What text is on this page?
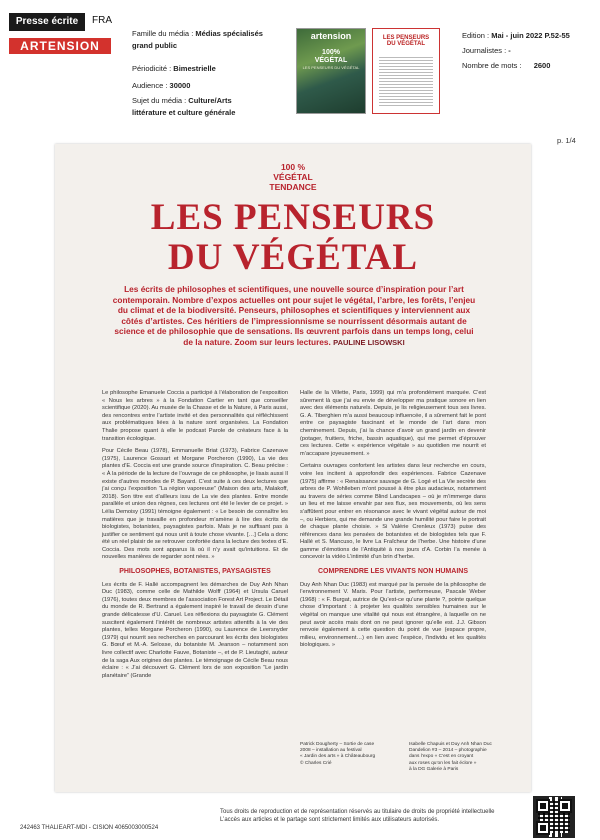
Presse écrite	FRA
ARTENSION
Famille du média : Médias spécialisés
grand public
Périodicité : Bimestrielle
Audience : 30000
Sujet du média : Culture/Arts
littérature et culture générale
artension
100%
VÉGÉTAL
LES PENSEURS DU VÉGÉTAL
LES PENSEURS
DU VÉGÉTAL
Edition : Mai - juin 2022 P.52-55
Journalistes : -
Nombre de mots : 2600
p. 1/4
100 %
VÉGÉTAL
TENDANCE
LES PENSEURS
DU VÉGÉTAL
Les écrits de philosophes et scientifiques, une nouvelle source d’inspiration pour l’art contemporain. Nombre d’expos actuelles ont pour sujet le végétal, l’arbre, les forêts, l’enjeu du climat et de la biodiversité. Penseurs, philosophes et scientifiques y interviennent aux côtés d’artistes. Ces héritiers de l’impressionnisme se nourrissent désormais autant de science et de philosophie que de sensations. Ils œuvrent parfois dans un temps long, celui de la nature. Zoom sur leurs lectures. PAULINE LISOWSKI

Le philosophe Emanuele Coccia a participé à l’élaboration de l’exposition « Nous les arbres » à la Fondation Cartier en tant que conseiller scientifique (2020). Au musée de la Chasse et de la Nature, à Paris aussi, des rencontres entre l’artiste invité et des personnalités qui réfléchissent aux problématiques liées à la nature sont organisées. La Fondation Thalie propose quant à elle le podcast Parole de créateurs face à la transition écologique.

Pour Cécile Beau (1978), Emmanuelle Briat (1973), Fabrice Cazenave (1975), Laurence Gossart et Morgane Porcheron (1990), La vie des plantes d’E. Coccia est une grande source d’inspiration. C. Beau précise : « À la période de la lecture de l’ouvrage de ce philosophe, je lisais aussi Il existe d’autres mondes de P. Bayard. C’est suite à ces deux lectures que j’ai conçu l’exposition “La région vaporeuse” (Maison des arts, Malakoff, 2018). Son titre est d’ailleurs issu de La vie des plantes. Entre monde parallèle et union des règnes, ces lectures ont été le levier de ce projet. » Lélia Demoisy (1991) témoigne également : « Le besoin de connaître les matières que je travaille en profondeur m’amène à lire des écrits de biologistes, botanistes, paysagistes parfois. Mais je ne suffisant pas à justifier ce sentiment qui nous unit à toute chose vivante. […] Cela a donc été un réel plaisir de se retrouver confortée dans la lecture des textes d’E. Coccia. Des mots sont apparus là où il n’y avait qu’intuitions. Et de nouvelles manières de regarder sont nées. »

PHILOSOPHES, BOTANISTES, PAYSAGISTES

Les écrits de F. Hallé accompagnent les démarches de Duy Anh Nhan Duc (1983), comme celle de Mathilde Wolff (1964) et Ursula Caruel (1976), toutes deux membres de l’association Forest Art Project. Le Détail du monde de R. Bertrand a également inspiré le travail de dessin d’une grande délicatesse d’U. Caruel. Les réflexions du paysagiste G. Clément suscitent également l’intérêt de nombreux artistes attentifs à la vie des plantes, telles Morgane Porcheron (1990), ou Laurence de Leersnyder (1979) qui nourrit ses recherches en parcourant les écrits des biologistes G. Bœuf et M.-A. Selosse, du botaniste M. Jeanson – notamment son livre collectif avec Charlotte Fauve, Botaniste –, et de P. Lieutaghi, auteur de la saga Aux origines des plantes. Le témoignage de Cécile Beau nous éclaire : « J’ai découvert G. Clément lors de son exposition “Le jardin planétaire” (Grande

Halle de la Villette, Paris, 1999) qui m’a profondément marquée. C’est sûrement là que j’ai eu envie de développer ma pratique sonore en lien avec des éléments naturels. Depuis, je lis religieusement tous ses livres. G. A. Tiberghien m’a aussi beaucoup influencée, il a sûrement fait le pont entre ce paysagiste fascinant et le monde de l’art dans mon cheminement. Depuis, j’ai la chance d’avoir un grand jardin en devenir (potager, fruitiers, friche, bassin aquatique), qui me permet d’éprouver ces lectures. Cette « expérience végétale » au quotidien me nourrit et m’accapare joyeusement. »

Certains ouvrages confortent les artistes dans leur recherche en cours, voire les incitent à approfondir des expériences. Fabrice Cazenave (1975) affirme : « Renaissance sauvage de G. Logé et La Vie secrète des arbres de P. Wohlleben m’ont poussé à être plus audacieux, notamment au travers de séries comme Blind Landscapes – où je m’immerge dans un lieu et me laisse envahir par ses flux, ses mouvements, où les sens s’affûtent pour entrer en résonance avec le vivant végétal autour de moi –, ou Herbiers, qui me demande une grande humilité pour faire le portrait de chaque plante choisie. » Si Valérie Crenleux (1973) puise des références dans les pensées de botanistes et de biologistes tels que F. Hallé et S. Mancuso, le livre La Fraîcheur de l’herbe. Une histoire d’une gamme d’émotions de l’Antiquité à nos jours d’A. Corbin l’a menée à concevoir la vidéo L’intimité d’un brin d’herbe.

COMPRENDRE LES VIVANTS NON HUMAINS

Duy Anh Nhan Duc (1983) est marqué par la pensée de la philosophe de l’environnement V. Maris. Pour l’artiste, performeuse, Pascale Weber (1968) : « F. Burgat, autrice de Qu’est-ce qu’une plante ?, pointe quelque chose d’important : à projeter les qualités sensibles humaines sur le végétal on manque une vitalité qui nous est étrangère, à laquelle on ne peut avoir accès mais dont on ne peut ignorer qu’elle est. J.J. Gibson renvoie également à cette question du point de vue (espace propre, milieu, environnement…) en lien avec l’espèce, l’individu et les qualités biologiques. »

Patrick Dougherty – Sortie de case
2008 – installation au festival
« Jardin des arts » à Châteaubourg
© Charles Crié
Isabelle Chapuis et Duy Anh Nhan Duc
Dandelion #3 – 2014 – photographie
dans l’expo « C’est en croyant
aux roses qu’on les fait éclore »
à la DG Galerie à Paris
242463 THALIEART-MDI - CISION 4065003000524
Tous droits de reproduction et de représentation réservés au titulaire de droits de propriété intellectuelle
L’accès aux articles et le partage sont strictement limités aux utilisateurs autorisés.
